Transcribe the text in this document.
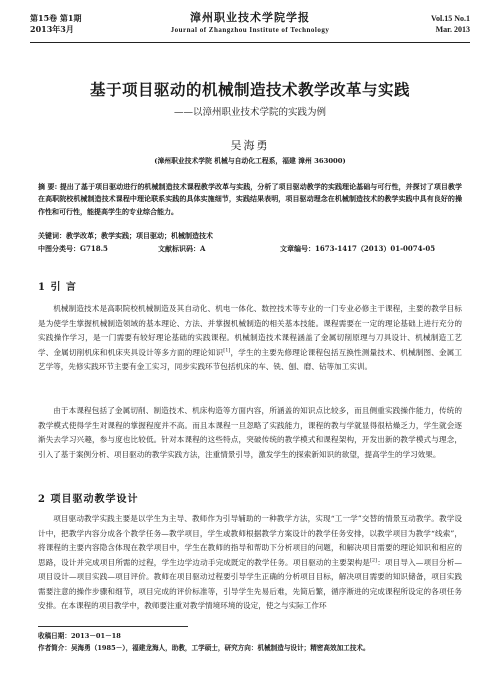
第15卷 第1期
2013年3月
漳州职业技术学院学报
Journal of Zhangzhou Institute of Technology
Vol.15 No.1
Mar. 2013
基于项目驱动的机械制造技术教学改革与实践
——以漳州职业技术学院的实践为例
吴海勇
(漳州职业技术学院 机械与自动化工程系，福建 漳州 363000)
摘 要: 提出了基于项目驱动进行的机械制造技术课程教学改革与实践，分析了项目驱动教学的实践理论基础与可行性，并探讨了项目教学在高职院校机械制造技术课程中理论联系实践的具体实施细节，实践结果表明，项目驱动理念在机械制造技术的教学实践中具有良好的操作性和可行性，能提高学生的专业综合能力。
关键词：教学改革；教学实践；项目驱动；机械制造技术
中图分类号：G718.5	文献标识码：A	文章编号：1673-1417（2013）01-0074-05
1 引 言
机械制造技术是高职院校机械制造及其自动化、机电一体化、数控技术等专业的一门专业必修主干课程，主要的教学目标是为使学生掌握机械制造领域的基本理论、方法、并掌握机械制造的相关基本技能。课程需要在一定的理论基础上进行充分的实践操作学习，是一门需要有较好理论基础的实践课程。机械制造技术课程涵盖了金属切削原理与刀具设计、机械制造工艺学、金属切削机床和机床夹具设计等多方面的理论知识[1]，学生的主要先修理论课程包括互换性测量技术、机械制图、金属工艺学等，先修实践环节主要有金工实习，同步实践环节包括机床的车、铣、刨、磨、钻等加工实训。
由于本课程包括了金属切削、制造技术、机床构造等方面内容，所涵盖的知识点比较多，而且侧重实践操作能力，传统的教学模式使得学生对课程的掌握程度并不高。而且本课程一旦忽略了实践能力，课程的教与学就显得很枯燥乏力，学生就会逐渐失去学习兴趣，参与度也比较低。针对本课程的这些特点，突破传统的教学模式和课程架构，开发出新的教学模式与理念，引入了基于案例分析、项目驱动的教学实践方法，注重情景引导，激发学生的探索新知识的欲望，提高学生的学习效果。
2 项目驱动教学设计
项目驱动教学实践主要是以学生为主导、教师作为引导辅助的一种教学方法，实现“工一学”交替的情景互动教学。教学设计中，把教学内容分成各个教学任务—教学项目，学生或教师根据教学方案设计的教学任务安排，以教学项目为教学“线索”，将课程的主要内容隐含体现在教学项目中，学生在教师的指导和帮助下分析项目的问题，和解决项目需要的理论知识和相应的思路，设计并完成项目所需的过程，学生边学边动手完成既定的教学任务。项目驱动的主要架构是[2]：项目导入—项目分析—项目设计—项目实践—项目评价。教师在项目驱动过程要引导学生正确的分析项目目标，解决项目需要的知识储备，项目实践需要注意的操作步骤和细节，项目完成的评价标准等，引导学生先易后难，先简后繁，循序渐进的完成课程所设定的各项任务安排。在本课程的项目教学中，教师要注重对教学情境环境的设定，使之与实际工作环
收稿日期：2013－01－18
作者简介：吴海勇（1985－），福建龙海人，助教，工学硕士，研究方向：机械制造与设计；精密高效加工技术。
